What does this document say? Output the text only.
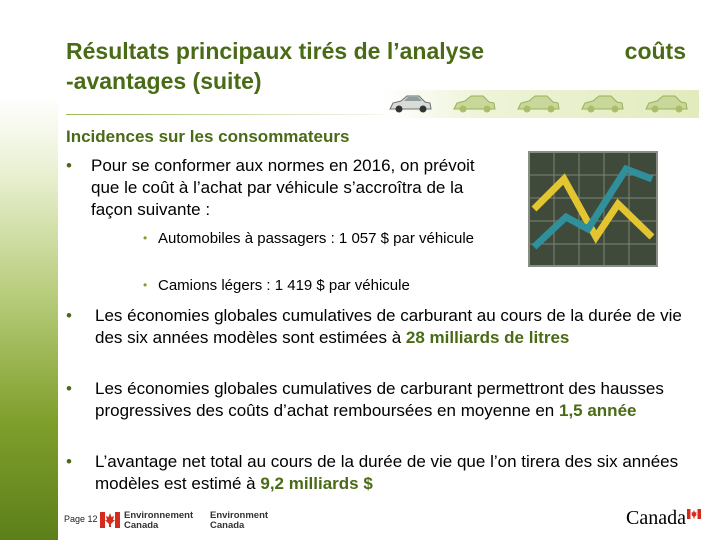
Résultats principaux tirés de l’analyse	coûts

-avantages (suite)
Incidences sur les consommateurs
• Pour se conformer aux normes en 2016, on prévoit que le coût à l’achat par véhicule s’accroîtra de la façon suivante :
• Automobiles à passagers : 1 057 $ par véhicule
• Camions légers : 1 419 $ par véhicule
• Les économies globales cumulatives de carburant au cours de la durée de vie des six années modèles sont estimées à 28 milliards de litres
• Les économies globales cumulatives de carburant permettront des hausses progressives des coûts d’achat remboursées en moyenne en 1,5 année
• L’avantage net total au cours de la durée de vie que l’on tirera des six années modèles est estimé à 9,2 milliards $
Page 12	Environnement
Canada
Environment
Canada	Canada
